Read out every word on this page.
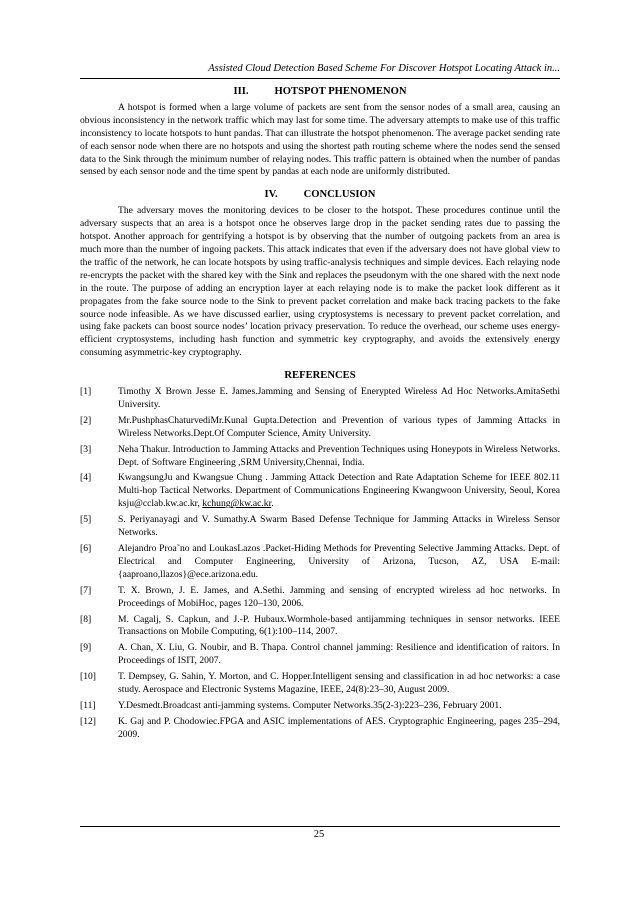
Assisted Cloud Detection Based Scheme For Discover Hotspot Locating Attack in...
III. HOTSPOT PHENOMENON

A hotspot is formed when a large volume of packets are sent from the sensor nodes of a small area, causing an obvious inconsistency in the network traffic which may last for some time. The adversary attempts to make use of this traffic inconsistency to locate hotspots to hunt pandas. That can illustrate the hotspot phenomenon. The average packet sending rate of each sensor node when there are no hotspots and using the shortest path routing scheme where the nodes send the sensed data to the Sink through the minimum number of relaying nodes. This traffic pattern is obtained when the number of pandas sensed by each sensor node and the time spent by pandas at each node are uniformly distributed.

IV. CONCLUSION

The adversary moves the monitoring devices to be closer to the hotspot. These procedures continue until the adversary suspects that an area is a hotspot once he observes large drop in the packet sending rates due to passing the hotspot. Another approach for gentrifying a hotspot is by observing that the number of outgoing packets from an area is much more than the number of ingoing packets. This attack indicates that even if the adversary does not have global view to the traffic of the network, he can locate hotspots by using traffic-analysis techniques and simple devices. Each relaying node re-encrypts the packet with the shared key with the Sink and replaces the pseudonym with the one shared with the next node in the route. The purpose of adding an encryption layer at each relaying node is to make the packet look different as it propagates from the fake source node to the Sink to prevent packet correlation and make back tracing packets to the fake source node infeasible. As we have discussed earlier, using cryptosystems is necessary to prevent packet correlation, and using fake packets can boost source nodes’ location privacy preservation. To reduce the overhead, our scheme uses energy-efficient cryptosystems, including hash function and symmetric key cryptography, and avoids the extensively energy consuming asymmetric-key cryptography.

REFERENCES
[1]	Timothy X Brown Jesse E. James.Jamming and Sensing of Enerypted Wireless Ad Hoc Networks.AmitaSethi University.
[2]	Mr.PushphasChaturvediMr.Kunal Gupta.Detection and Prevention of various types of Jamming Attacks in Wireless Networks.Dept.Of Computer Science, Amity University.
[3]	Neha Thakur. Introduction to Jamming Attacks and Prevention Techniques using Honeypots in Wireless Networks. Dept. of Software Engineering ,SRM University,Chennai, India.
[4]	KwangsungJu and Kwangsue Chung . Jamming Attack Detection and Rate Adaptation Scheme for IEEE 802.11 Multi-hop Tactical Networks. Department of Communications Engineering Kwangwoon University, Seoul, Korea ksju@cclab.kw.ac.kr, kchung@kw.ac.kr.
[5]	S. Periyanayagi and V. Sumathy.A Swarm Based Defense Technique for Jamming Attacks in Wireless Sensor Networks.
[6]	Alejandro Proa˜no and LoukasLazos .Packet-Hiding Methods for Preventing Selective Jamming Attacks. Dept. of Electrical and Computer Engineering, University of Arizona, Tucson, AZ, USA E-mail:{aaproano,llazos}@ece.arizona.edu.
[7]	T. X. Brown, J. E. James, and A.Sethi. Jamming and sensing of encrypted wireless ad hoc networks. In Proceedings of MobiHoc, pages 120–130, 2006.
[8]	M. Cagalj, S. Capkun, and J.-P. Hubaux.Wormhole-based antijamming techniques in sensor networks. IEEE Transactions on Mobile Computing, 6(1):100–114, 2007.
[9]	A. Chan, X. Liu, G. Noubir, and B. Thapa. Control channel jamming: Resilience and identification of raitors. In Proceedings of ISIT, 2007.
[10]	T. Dempsey, G. Sahin, Y. Morton, and C. Hopper.Intelligent sensing and classification in ad hoc networks: a case study. Aerospace and Electronic Systems Magazine, IEEE, 24(8):23–30, August 2009.
[11]	Y.Desmedt.Broadcast anti-jamming systems. Computer Networks.35(2-3):223–236, February 2001.
[12]	K. Gaj and P. Chodowiec.FPGA and ASIC implementations of AES. Cryptographic Engineering, pages 235–294, 2009.
25
